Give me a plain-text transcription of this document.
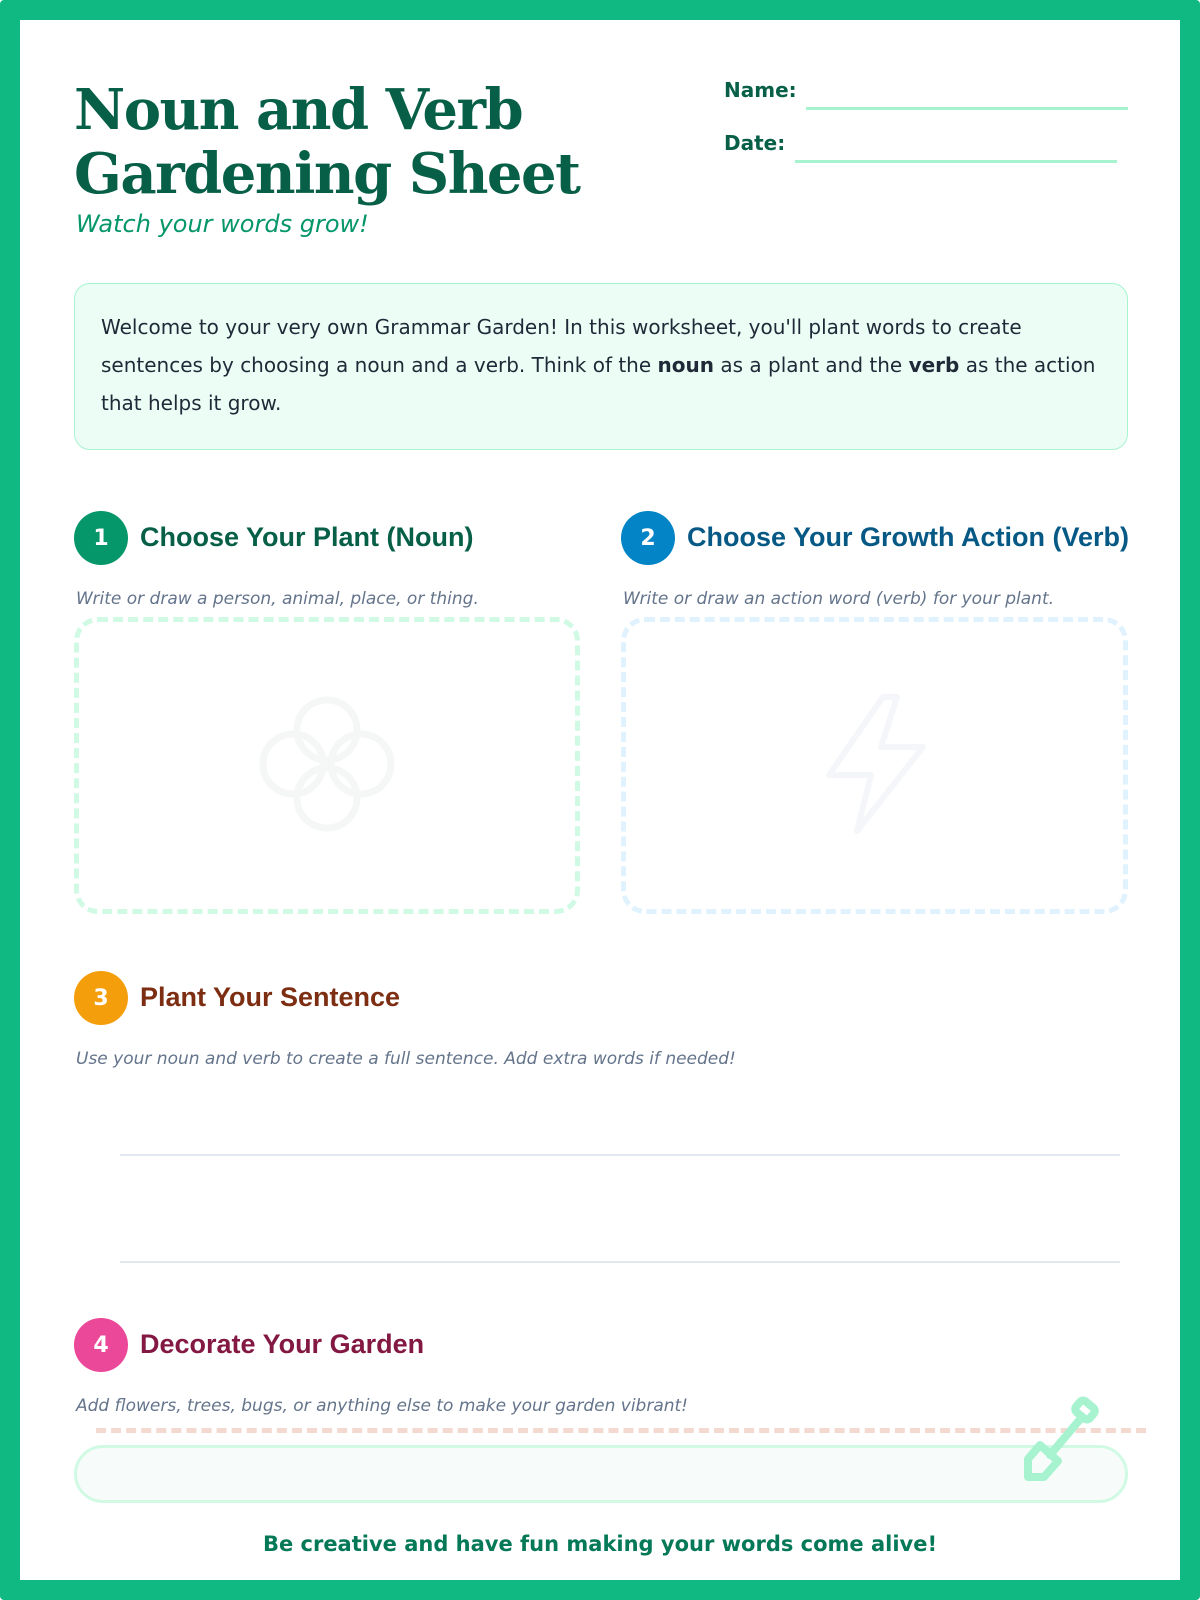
Noun and Verb
Gardening Sheet
Watch your words grow!
Name:
Date:
Welcome to your very own Grammar Garden! In this worksheet, you'll plant words to create sentences by choosing a noun and a verb. Think of the noun as a plant and the verb as the action that helps it grow.
1	Choose Your Plant (Noun)
Write or draw a person, animal, place, or thing.
2	Choose Your Growth Action (Verb)
Write or draw an action word (verb) for your plant.
3	Plant Your Sentence
Use your noun and verb to create a full sentence. Add extra words if needed!
4	Decorate Your Garden
Add flowers, trees, bugs, or anything else to make your garden vibrant!
Be creative and have fun making your words come alive!
